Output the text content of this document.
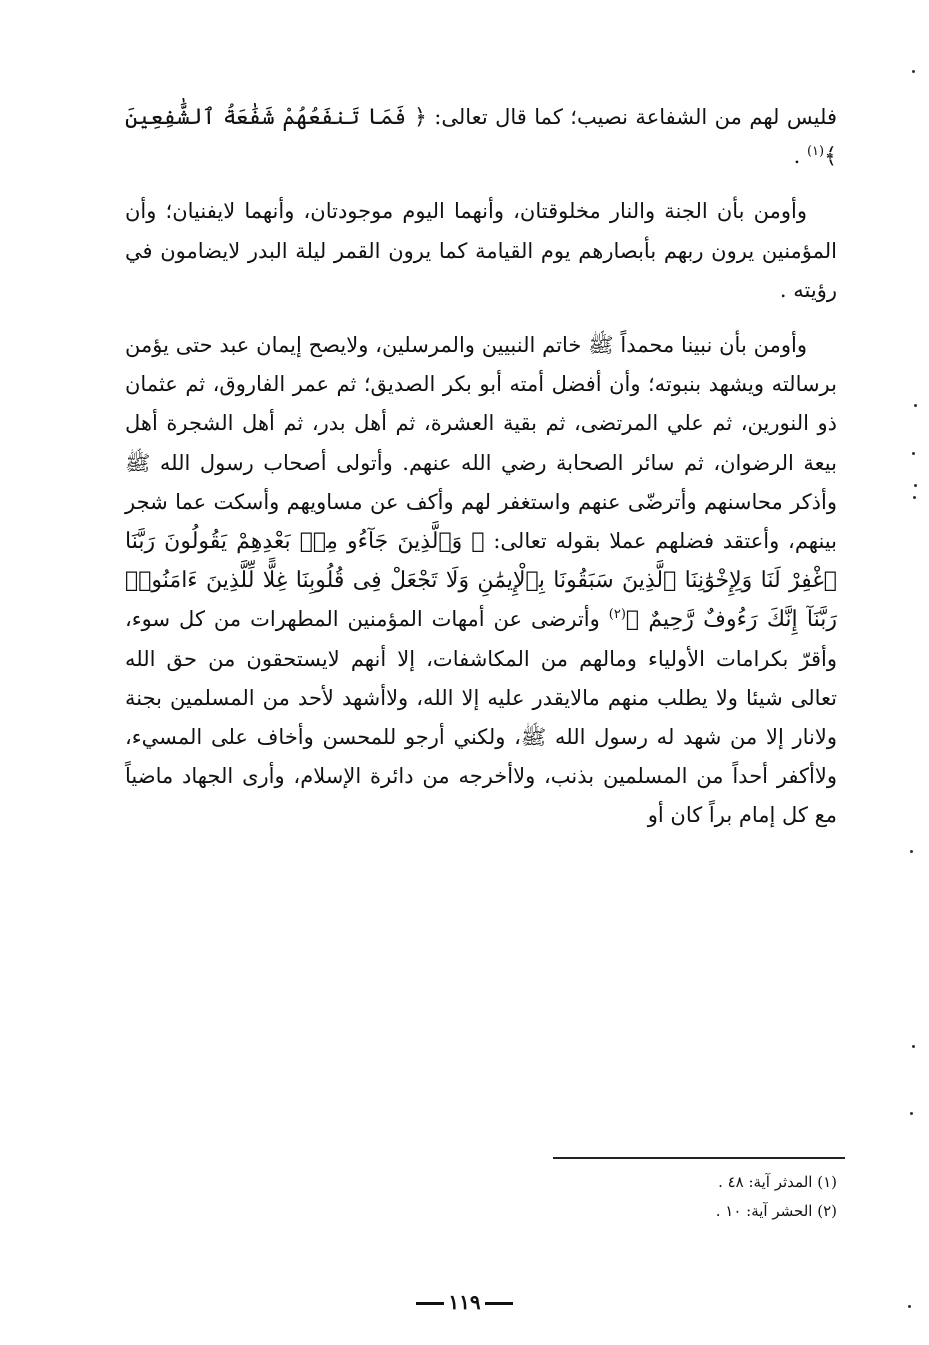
فليس لهم من الشفاعة نصيب؛ كما قال تعالى: ﴿ فَمَا تَنفَعُهُمْ شَفَٰعَةُ ٱلشَّٰفِعِينَ ﴾$^{(١)}$ .

وأومن بأن الجنة والنار مخلوقتان، وأنهما اليوم موجودتان، وأنهما لايفنيان؛ وأن المؤمنين يرون ربهم بأبصارهم يوم القيامة كما يرون القمر ليلة البدر لايضامون في رؤيته .

وأومن بأن نبينا محمداً ﷺ خاتم النبيين والمرسلين، ولايصح إيمان عبد حتى يؤمن برسالته ويشهد بنبوته؛ وأن أفضل أمته أبو بكر الصديق؛ ثم عمر الفاروق، ثم عثمان ذو النورين، ثم علي المرتضى، ثم بقية العشرة، ثم أهل بدر، ثم أهل الشجرة أهل بيعة الرضوان، ثم سائر الصحابة رضي الله عنهم. وأتولى أصحاب رسول الله ﷺ وأذكر محاسنهم وأترضّى عنهم واستغفر لهم وأكف عن مساويهم وأسكت عما شجر بينهم، وأعتقد فضلهم عملا بقوله تعالى: ﴿ وَٱلَّذِينَ جَآءُو مِنۢ بَعْدِهِمْ يَقُولُونَ رَبَّنَا ٱغْفِرْ لَنَا وَلِإِخْوَٰنِنَا ٱلَّذِينَ سَبَقُونَا بِٱلْإِيمَٰنِ وَلَا تَجْعَلْ فِى قُلُوبِنَا غِلًّا لِّلَّذِينَ ءَامَنُوا۟ رَبَّنَآ إِنَّكَ رَءُوفٌ رَّحِيمٌ ﴾$^{(٢)}$ وأترضى عن أمهات المؤمنين المطهرات من كل سوء، وأقرّ بكرامات الأولياء ومالهم من المكاشفات، إلا أنهم لايستحقون من حق الله تعالى شيئا ولا يطلب منهم مالايقدر عليه إلا الله، ولاأشهد لأحد من المسلمين بجنة ولانار إلا من شهد له رسول الله ﷺ، ولكني أرجو للمحسن وأخاف على المسيء، ولاأكفر أحداً من المسلمين بذنب، ولاأخرجه من دائرة الإسلام، وأرى الجهاد ماضياً مع كل إمام براً كان أو

(١) المدثر آية: ٤٨ .
(٢) الحشر آية: ١٠ .
١١٩
